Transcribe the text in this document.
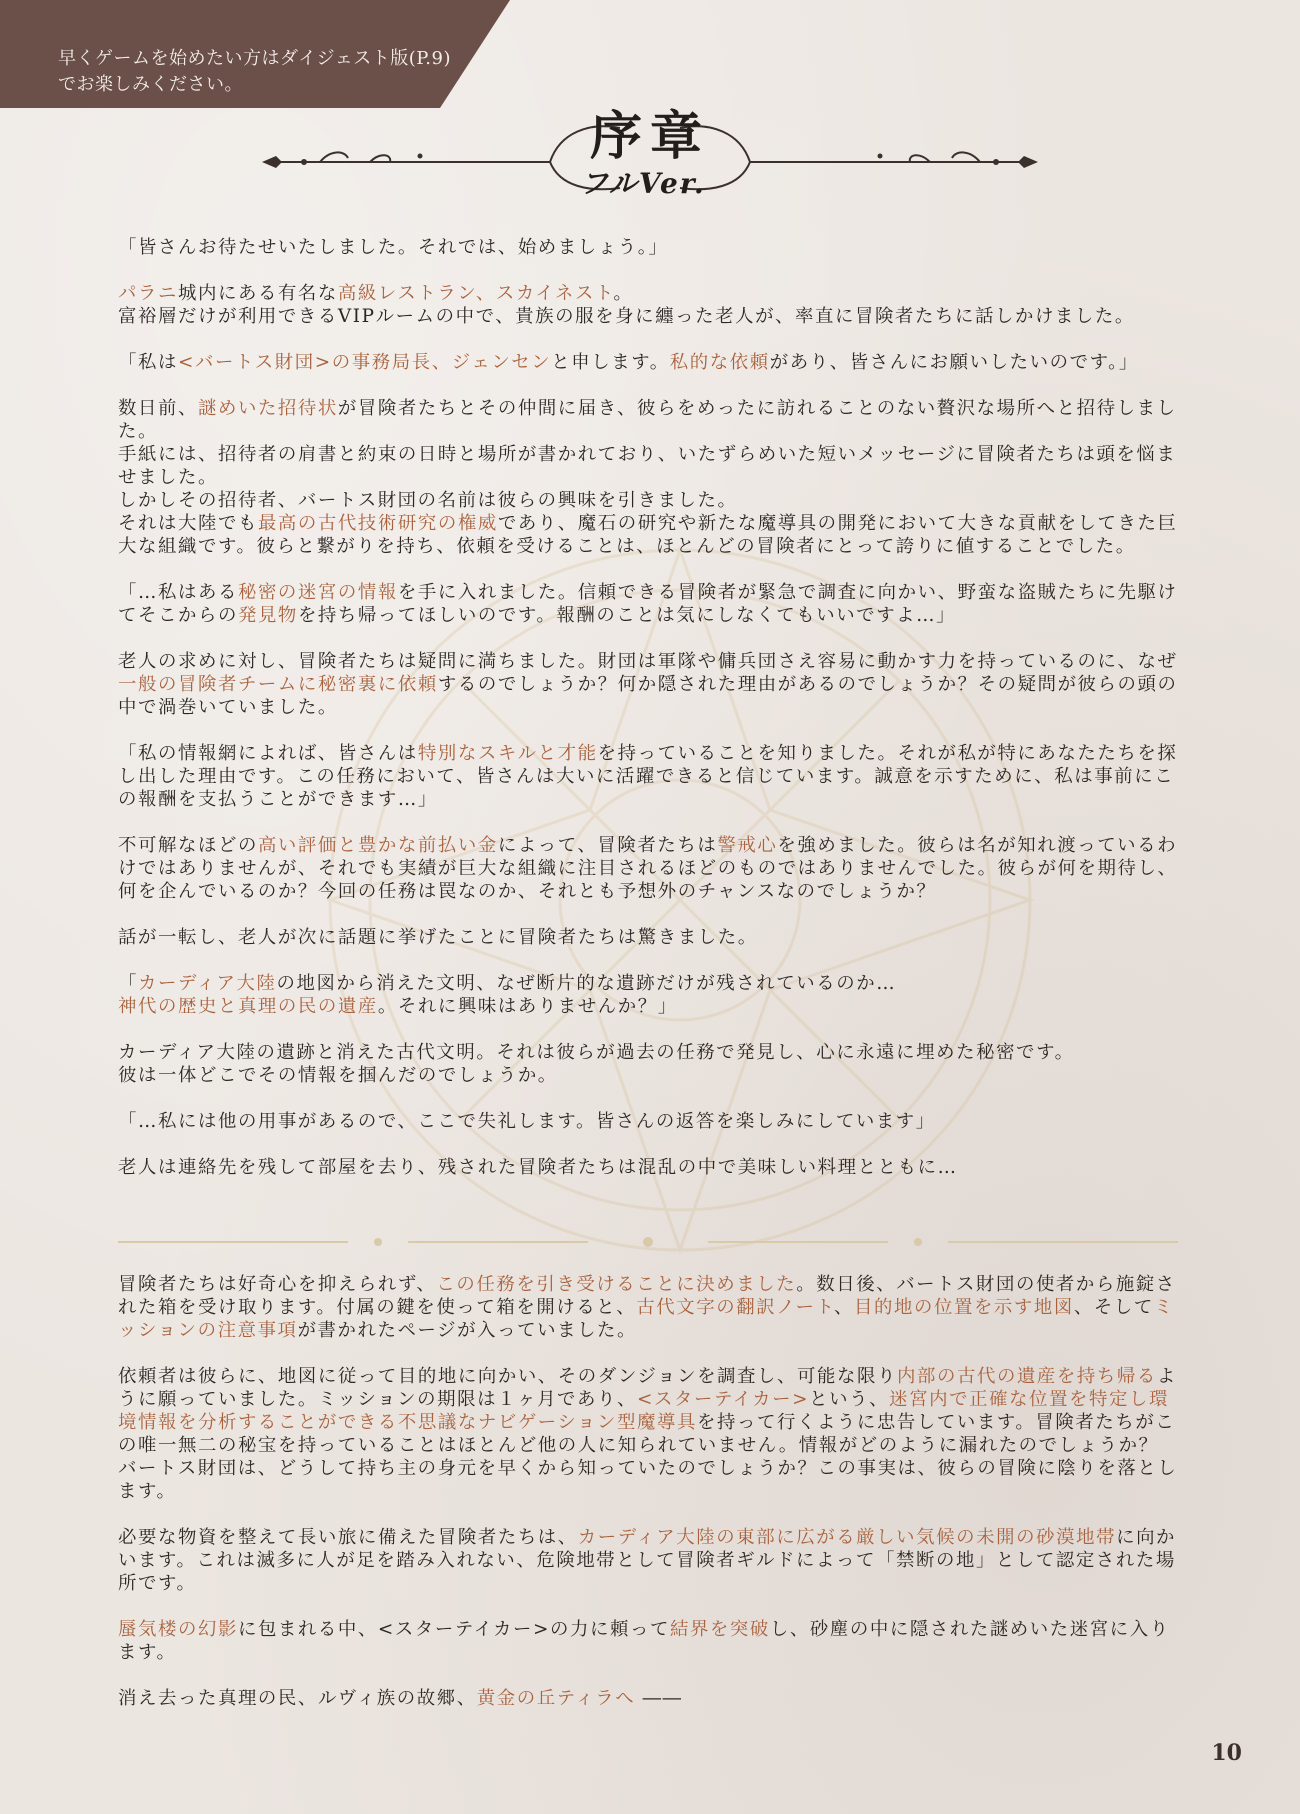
早くゲームを始めたい方はダイジェスト版(P.9)
でお楽しみください。
序章
フルVer.
「皆さんお待たせいたしました。それでは、始めましょう。」
パラニ城内にある有名な高級レストラン、スカイネスト。
富裕層だけが利用できるVIPルームの中で、貴族の服を身に纏った老人が、率直に冒険者たちに話しかけました。
「私は<バートス財団>の事務局長、ジェンセンと申します。私的な依頼があり、皆さんにお願いしたいのです。」
数日前、謎めいた招待状が冒険者たちとその仲間に届き、彼らをめったに訪れることのない贅沢な場所へと招待しました。
手紙には、招待者の肩書と約束の日時と場所が書かれており、いたずらめいた短いメッセージに冒険者たちは頭を悩ませました。
しかしその招待者、バートス財団の名前は彼らの興味を引きました。
それは大陸でも最高の古代技術研究の権威であり、魔石の研究や新たな魔導具の開発において大きな貢献をしてきた巨大な組織です。彼らと繋がりを持ち、依頼を受けることは、ほとんどの冒険者にとって誇りに値することでした。
「…私はある秘密の迷宮の情報を手に入れました。信頼できる冒険者が緊急で調査に向かい、野蛮な盗賊たちに先駆けてそこからの発見物を持ち帰ってほしいのです。報酬のことは気にしなくてもいいですよ…」
老人の求めに対し、冒険者たちは疑問に満ちました。財団は軍隊や傭兵団さえ容易に動かす力を持っているのに、なぜ一般の冒険者チームに秘密裏に依頼するのでしょうか？何か隠された理由があるのでしょうか？その疑問が彼らの頭の中で渦巻いていました。
「私の情報網によれば、皆さんは特別なスキルと才能を持っていることを知りました。それが私が特にあなたたちを探し出した理由です。この任務において、皆さんは大いに活躍できると信じています。誠意を示すために、私は事前にこの報酬を支払うことができます…」
不可解なほどの高い評価と豊かな前払い金によって、冒険者たちは警戒心を強めました。彼らは名が知れ渡っているわけではありませんが、それでも実績が巨大な組織に注目されるほどのものではありませんでした。彼らが何を期待し、何を企んでいるのか？今回の任務は罠なのか、それとも予想外のチャンスなのでしょうか？
話が一転し、老人が次に話題に挙げたことに冒険者たちは驚きました。
「カーディア大陸の地図から消えた文明、なぜ断片的な遺跡だけが残されているのか…
神代の歴史と真理の民の遺産。それに興味はありませんか？」
カーディア大陸の遺跡と消えた古代文明。それは彼らが過去の任務で発見し、心に永遠に埋めた秘密です。
彼は一体どこでその情報を掴んだのでしょうか。
「…私には他の用事があるので、ここで失礼します。皆さんの返答を楽しみにしています」
老人は連絡先を残して部屋を去り、残された冒険者たちは混乱の中で美味しい料理とともに…
冒険者たちは好奇心を抑えられず、この任務を引き受けることに決めました。数日後、バートス財団の使者から施錠された箱を受け取ります。付属の鍵を使って箱を開けると、古代文字の翻訳ノート、目的地の位置を示す地図、そしてミッションの注意事項が書かれたページが入っていました。
依頼者は彼らに、地図に従って目的地に向かい、そのダンジョンを調査し、可能な限り内部の古代の遺産を持ち帰るように願っていました。ミッションの期限は１ヶ月であり、<スターテイカー>という、迷宮内で正確な位置を特定し環境情報を分析することができる不思議なナビゲーション型魔導具を持って行くように忠告しています。冒険者たちがこの唯一無二の秘宝を持っていることはほとんど他の人に知られていません。情報がどのように漏れたのでしょうか？バートス財団は、どうして持ち主の身元を早くから知っていたのでしょうか？この事実は、彼らの冒険に陰りを落とします。
必要な物資を整えて長い旅に備えた冒険者たちは、カーディア大陸の東部に広がる厳しい気候の未開の砂漠地帯に向かいます。これは滅多に人が足を踏み入れない、危険地帯として冒険者ギルドによって「禁断の地」として認定された場所です。
蜃気楼の幻影に包まれる中、<スターテイカー>の力に頼って結界を突破し、砂塵の中に隠された謎めいた迷宮に入ります。
消え去った真理の民、ルヴィ族の故郷、黄金の丘ティラへ ――
10
